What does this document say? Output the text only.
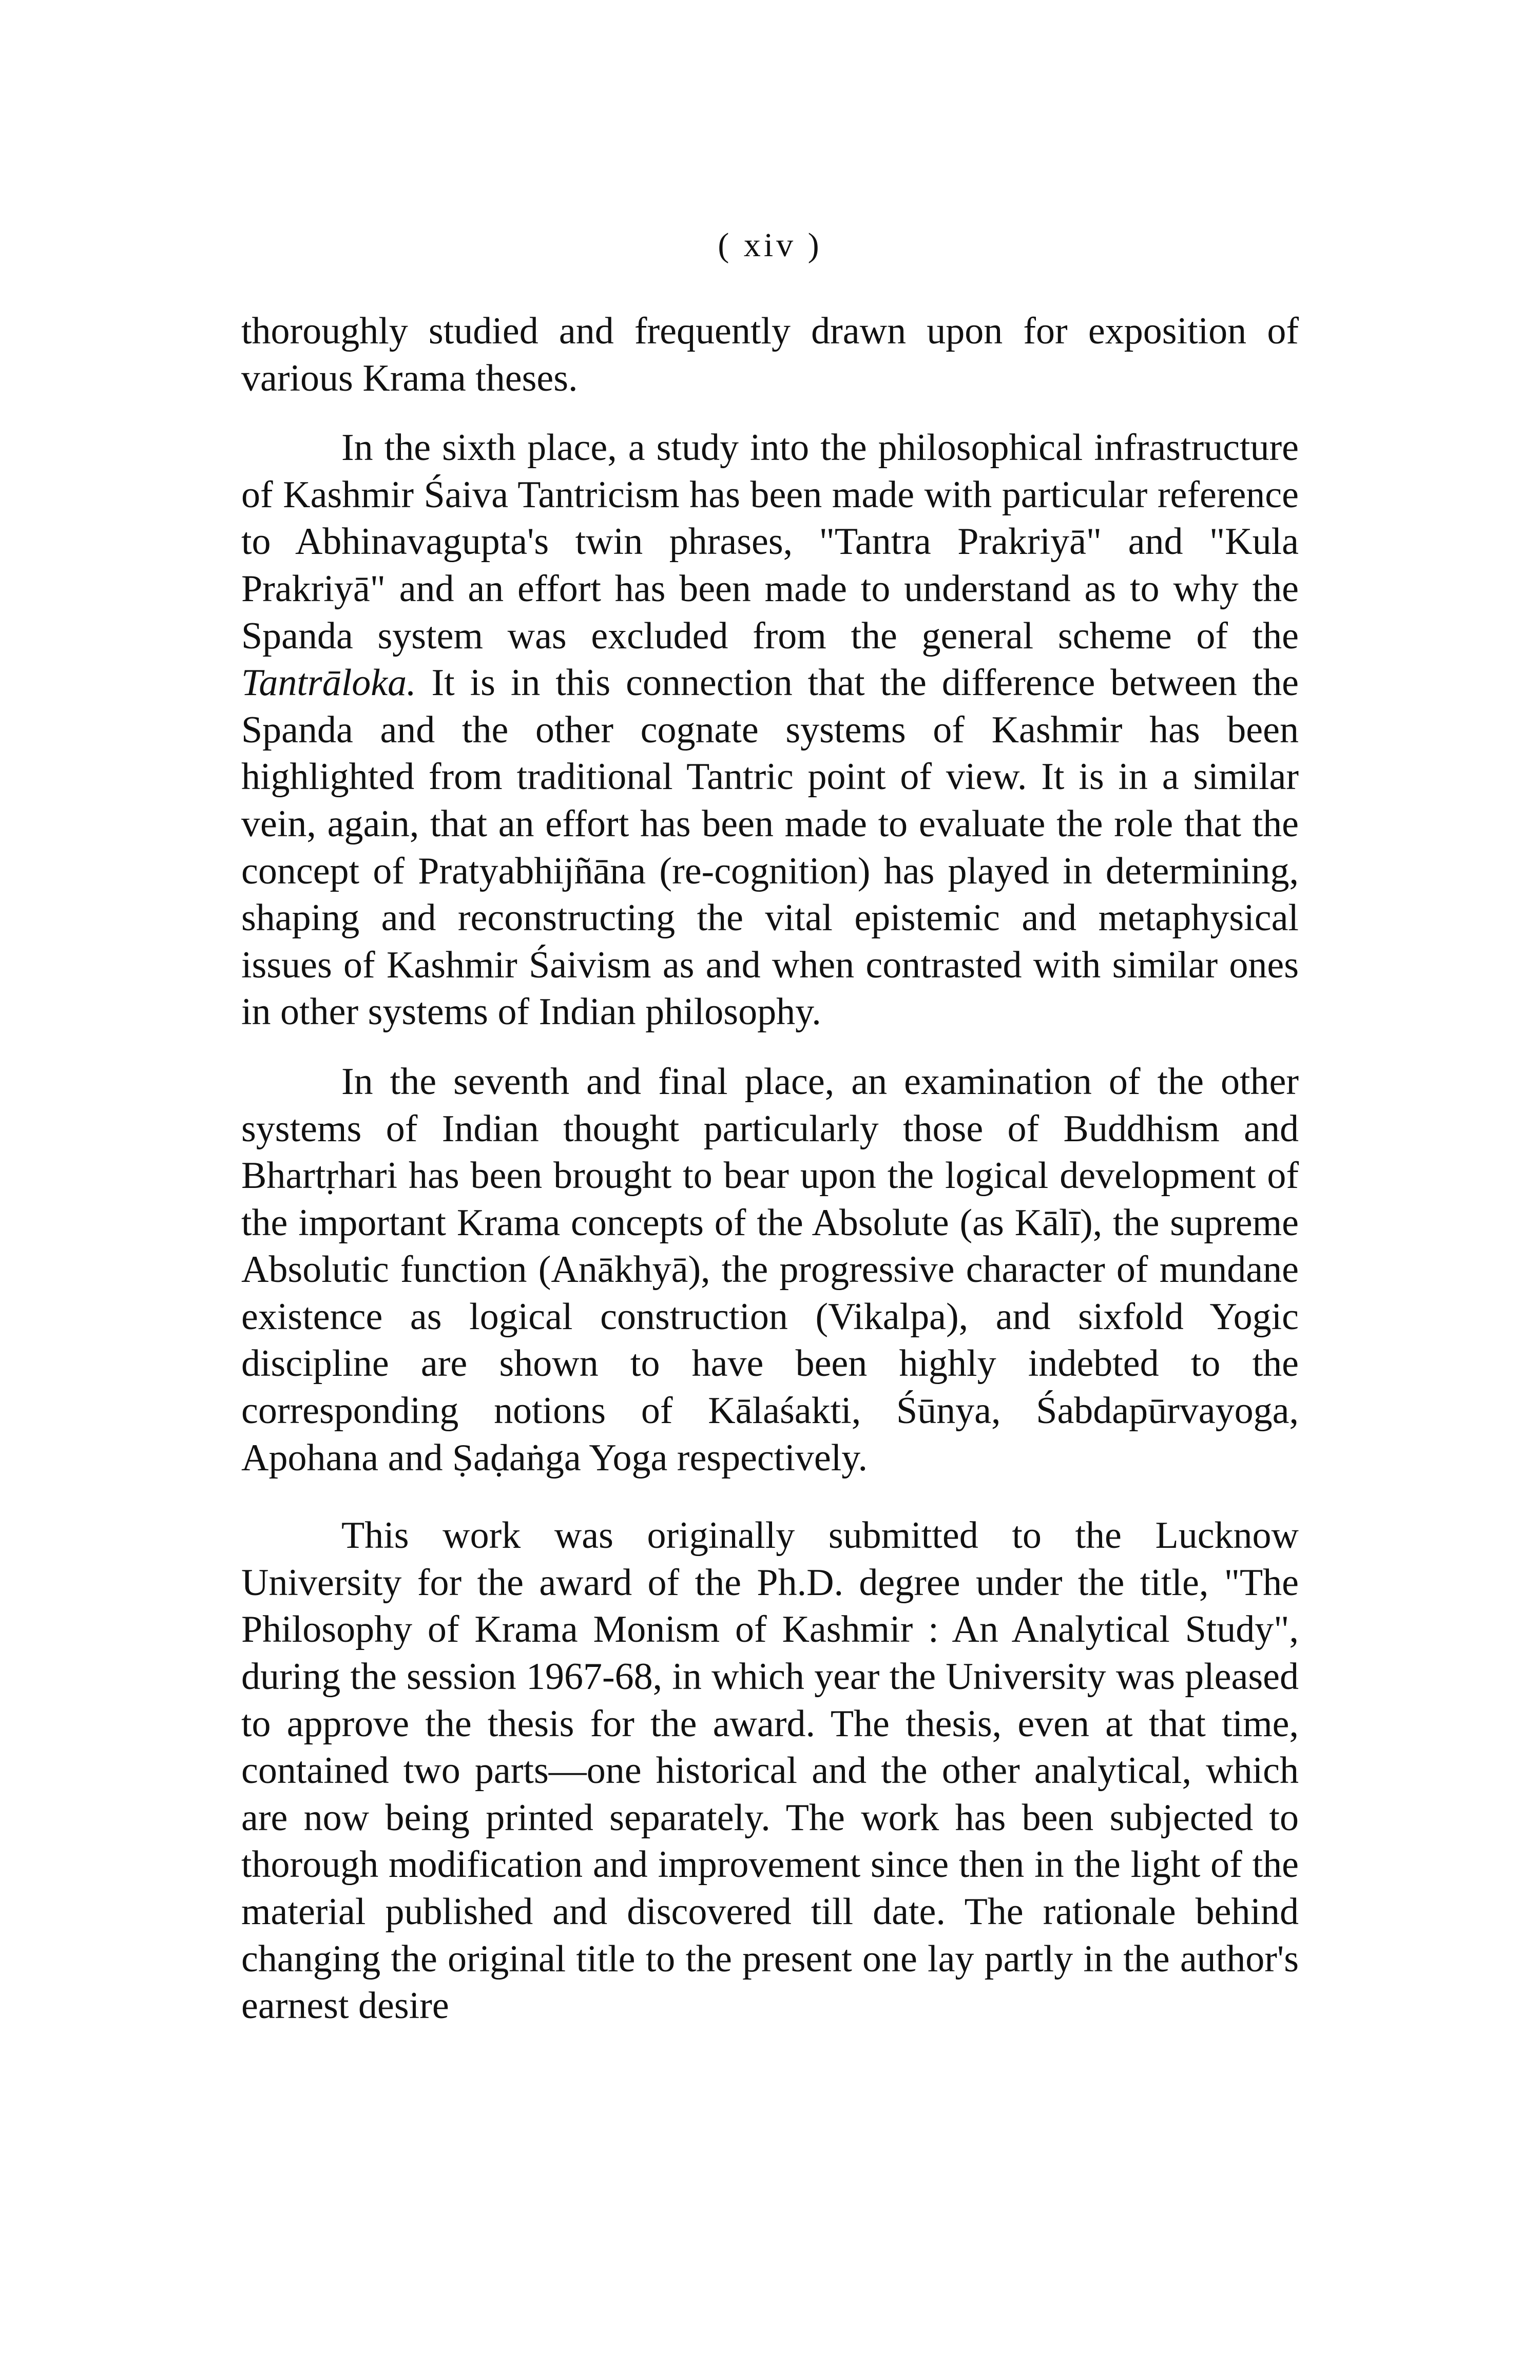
( xiv )

thoroughly studied and frequently drawn upon for exposition of various Krama theses.

In the sixth place, a study into the philosophical infrastructure of Kashmir Śaiva Tantricism has been made with particular reference to Abhinavagupta's twin phrases, "Tantra Prakriyā" and "Kula Prakriyā" and an effort has been made to understand as to why the Spanda system was excluded from the general scheme of the Tantrāloka. It is in this connection that the difference between the Spanda and the other cognate systems of Kashmir has been highlighted from traditional Tantric point of view. It is in a similar vein, again, that an effort has been made to evaluate the role that the concept of Pratyabhijñāna (re-cognition) has played in determining, shaping and reconstructing the vital epistemic and metaphysical issues of Kashmir Śaivism as and when contrasted with similar ones in other systems of Indian philosophy.

In the seventh and final place, an examination of the other systems of Indian thought particularly those of Buddhism and Bhartṛhari has been brought to bear upon the logical development of the important Krama concepts of the Absolute (as Kālī), the supreme Absolutic function (Anākhyā), the progressive character of mundane existence as logical construction (Vikalpa), and sixfold Yogic discipline are shown to have been highly indebted to the corresponding notions of Kālaśakti, Śūnya, Śabdapūrvayoga, Apohana and Ṣaḍaṅga Yoga respectively.

This work was originally submitted to the Lucknow University for the award of the Ph.D. degree under the title, "The Philosophy of Krama Monism of Kashmir : An Analytical Study", during the session 1967-68, in which year the University was pleased to approve the thesis for the award. The thesis, even at that time, contained two parts—one historical and the other analytical, which are now being printed separately. The work has been subjected to thorough modification and improvement since then in the light of the material published and discovered till date. The rationale behind changing the original title to the present one lay partly in the author's earnest desire
